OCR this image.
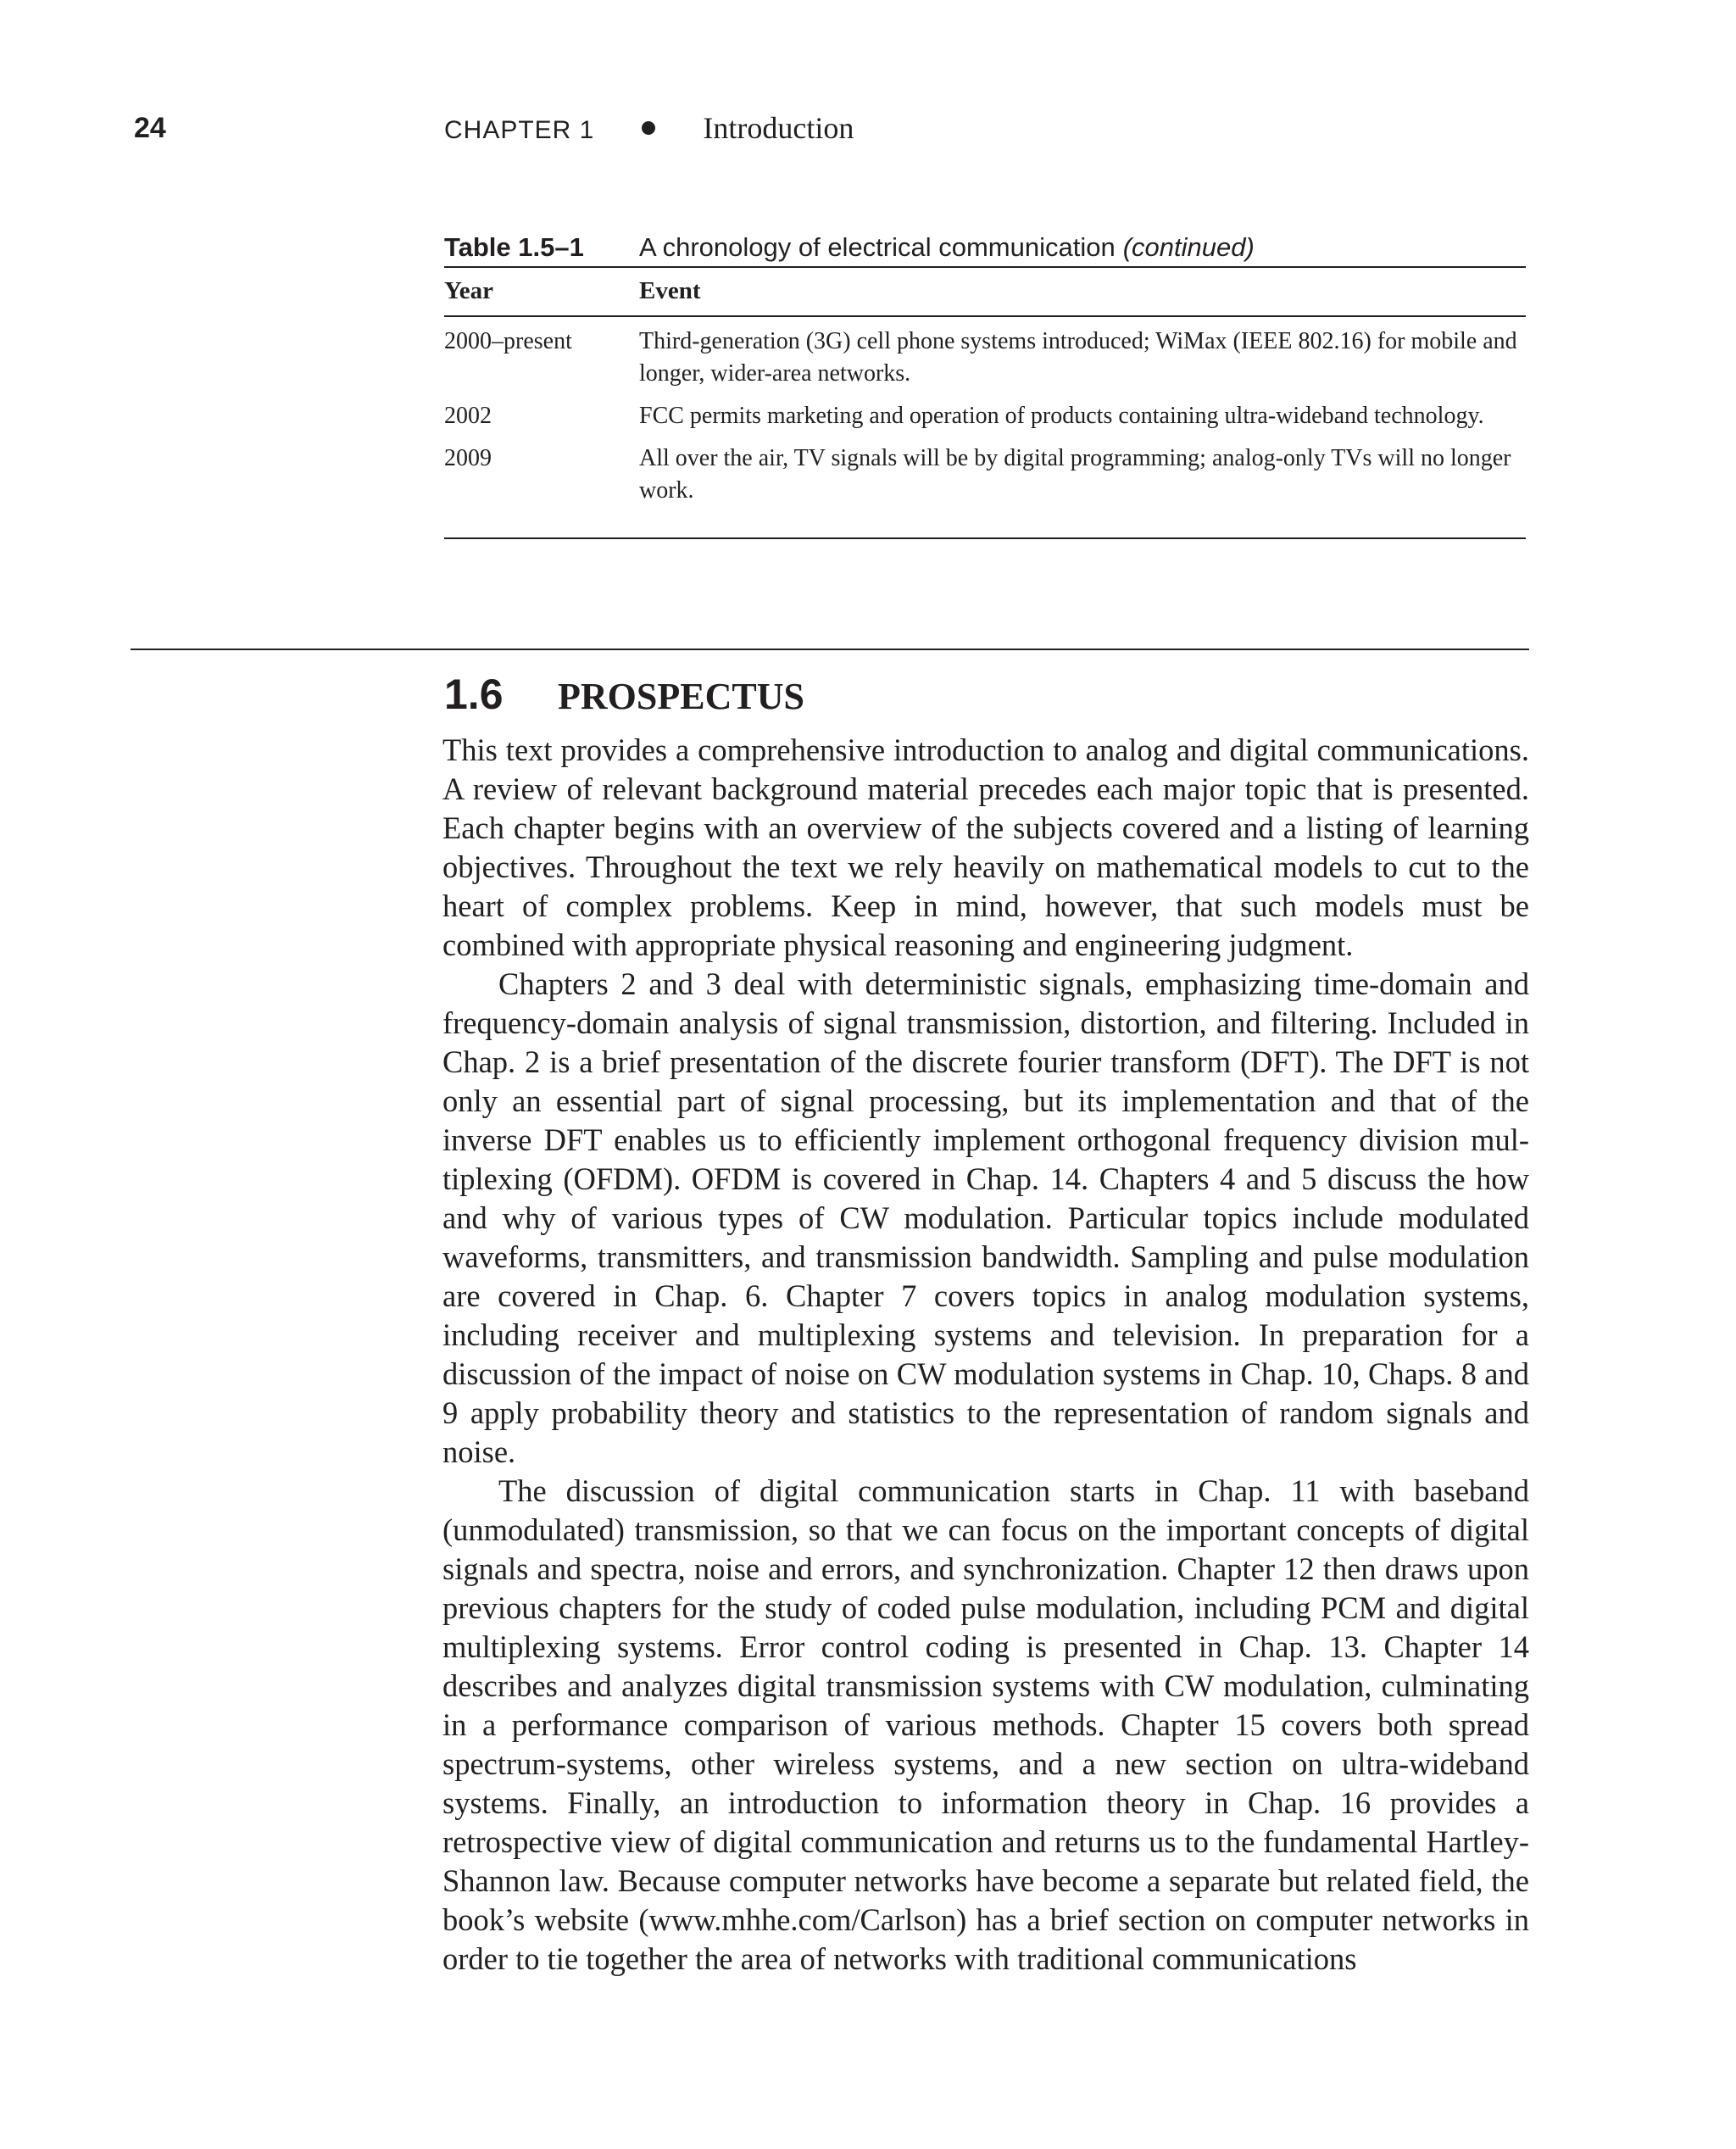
24	CHAPTER 1	Introduction
Table 1.5–1	A chronology of electrical communication (continued)
Year	Event
2000–present	Third-generation (3G) cell phone systems introduced; WiMax (IEEE 802.16) for mobile and longer, wider-area networks.
2002	FCC permits marketing and operation of products containing ultra-wideband technology.
2009	All over the air, TV signals will be by digital programming; analog-only TVs will no longer work.
1.6	PROSPECTUS

This text provides a comprehensive introduction to analog and digital communications. A review of relevant background material precedes each major topic that is presented. Each chapter begins with an overview of the subjects covered and a listing of learning objectives. Throughout the text we rely heavily on mathematical models to cut to the heart of complex problems. Keep in mind, however, that such models must be combined with appropriate physical reasoning and engineering judgment.

Chapters 2 and 3 deal with deterministic signals, emphasizing time-domain and frequency-domain analysis of signal transmission, distortion, and filtering. Included in Chap. 2 is a brief presentation of the discrete fourier transform (DFT). The DFT is not only an essential part of signal processing, but its implementation and that of the inverse DFT enables us to efficiently implement orthogonal frequency division multiplexing (OFDM). OFDM is covered in Chap. 14. Chapters 4 and 5 discuss the how and why of various types of CW modulation. Particular topics include modulated waveforms, transmitters, and transmission bandwidth. Sampling and pulse modulation are covered in Chap. 6. Chapter 7 covers topics in analog modulation systems, including receiver and multiplexing systems and television. In preparation for a discussion of the impact of noise on CW modulation systems in Chap. 10, Chaps. 8 and 9 apply probability theory and statistics to the representation of random signals and noise.

The discussion of digital communication starts in Chap. 11 with baseband (unmodulated) transmission, so that we can focus on the important concepts of digital signals and spectra, noise and errors, and synchronization. Chapter 12 then draws upon previous chapters for the study of coded pulse modulation, including PCM and digital multiplexing systems. Error control coding is presented in Chap. 13. Chapter 14 describes and analyzes digital transmission systems with CW modulation, culminating in a performance comparison of various methods. Chapter 15 covers both spread spectrum-systems, other wireless systems, and a new section on ultra-wideband systems. Finally, an introduction to information theory in Chap. 16 provides a retrospective view of digital communication and returns us to the fundamental Hartley-Shannon law. Because computer networks have become a separate but related field, the book’s website (www.mhhe.com/Carlson) has a brief section on computer networks in order to tie together the area of networks with traditional communications
